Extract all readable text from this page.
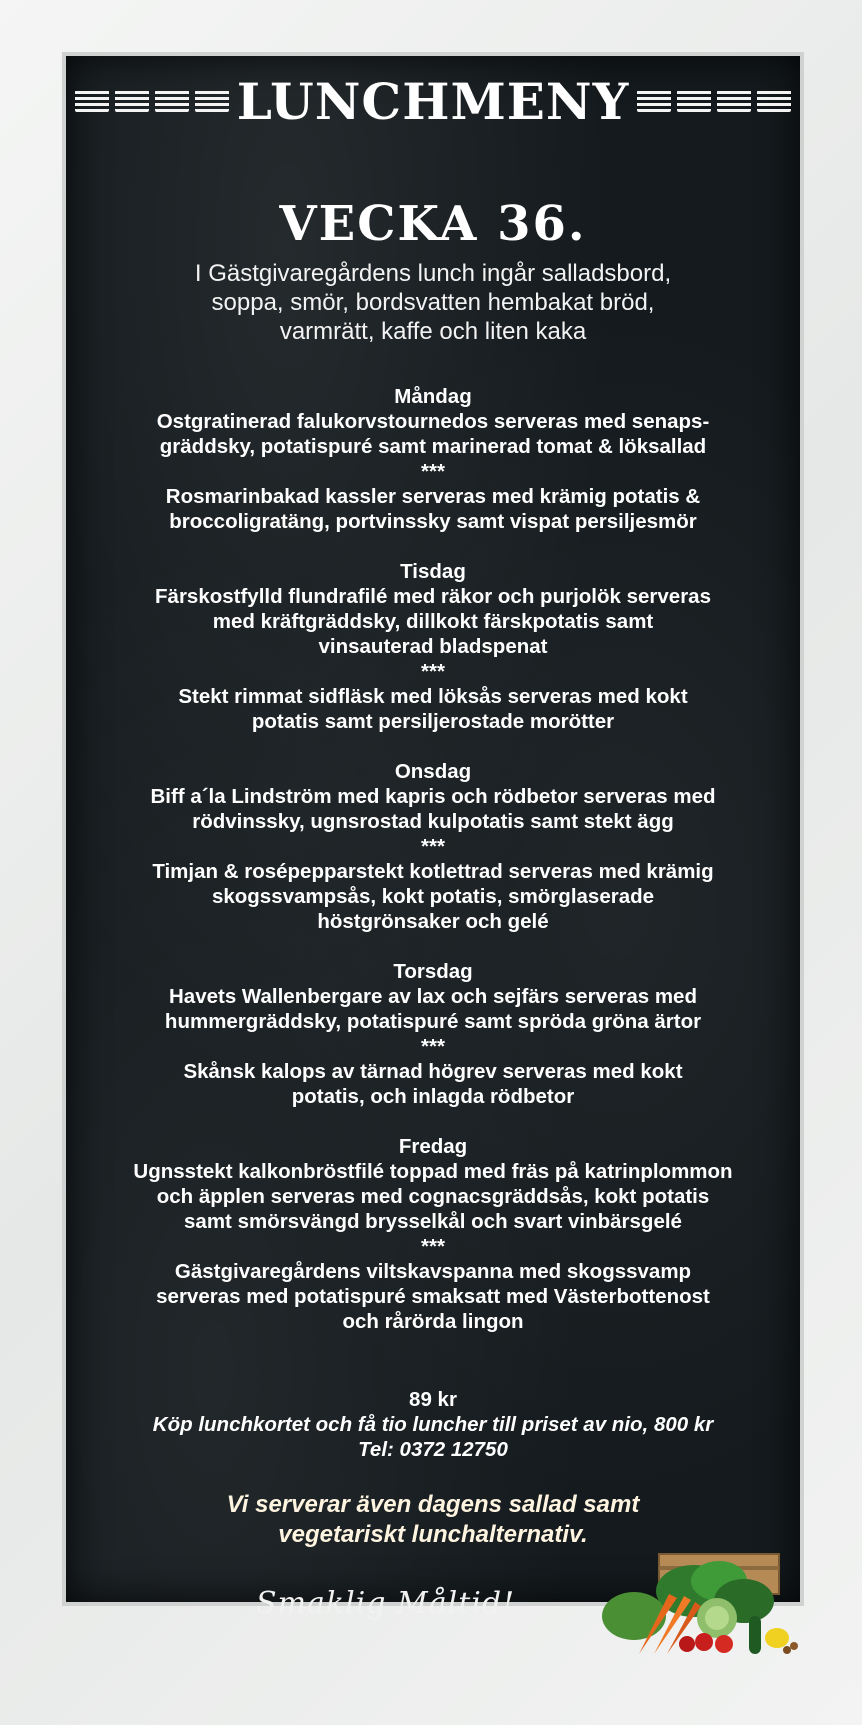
LUNCHMENY
VECKA 36.
I Gästgivaregårdens lunch ingår salladsbord,
soppa, smör, bordsvatten hembakat bröd,
varmrätt, kaffe och liten kaka
Måndag
Ostgratinerad falukorvstournedos serveras med senaps-
gräddsky, potatispuré samt marinerad tomat & löksallad
***
Rosmarinbakad kassler serveras med krämig potatis &
broccoligratäng, portvinssky samt vispat persiljesmör
Tisdag
Färskostfylld flundrafilé med räkor och purjolök serveras
med kräftgräddsky, dillkokt färskpotatis samt
vinsauterad bladspenat
***
Stekt rimmat sidfläsk med löksås serveras med kokt
potatis samt persiljerostade morötter
Onsdag
Biff a´la Lindström med kapris och rödbetor serveras med
rödvinssky, ugnsrostad kulpotatis samt stekt ägg
***
Timjan & rosépepparstekt kotlettrad serveras med krämig
skogssvampsås, kokt potatis, smörglaserade
höstgrönsaker och gelé
Torsdag
Havets Wallenbergare av lax och sejfärs serveras med
hummergräddsky, potatispuré samt spröda gröna ärtor
***
Skånsk kalops av tärnad högrev serveras med kokt
potatis, och inlagda rödbetor
Fredag
Ugnsstekt kalkonbröstfilé toppad med fräs på katrinplommon
och äpplen serveras med cognacsgräddsås, kokt potatis
samt smörsvängd brysselkål och svart vinbärsgelé
***
Gästgivaregårdens viltskavspanna med skogssvamp
serveras med potatispuré smaksatt med Västerbottenost
och rårörda lingon
89 kr
Köp lunchkortet och få tio luncher till priset av nio, 800 kr
Tel: 0372 12750
Vi serverar även dagens sallad samt
vegetariskt lunchalternativ.
Smaklig Måltid!
